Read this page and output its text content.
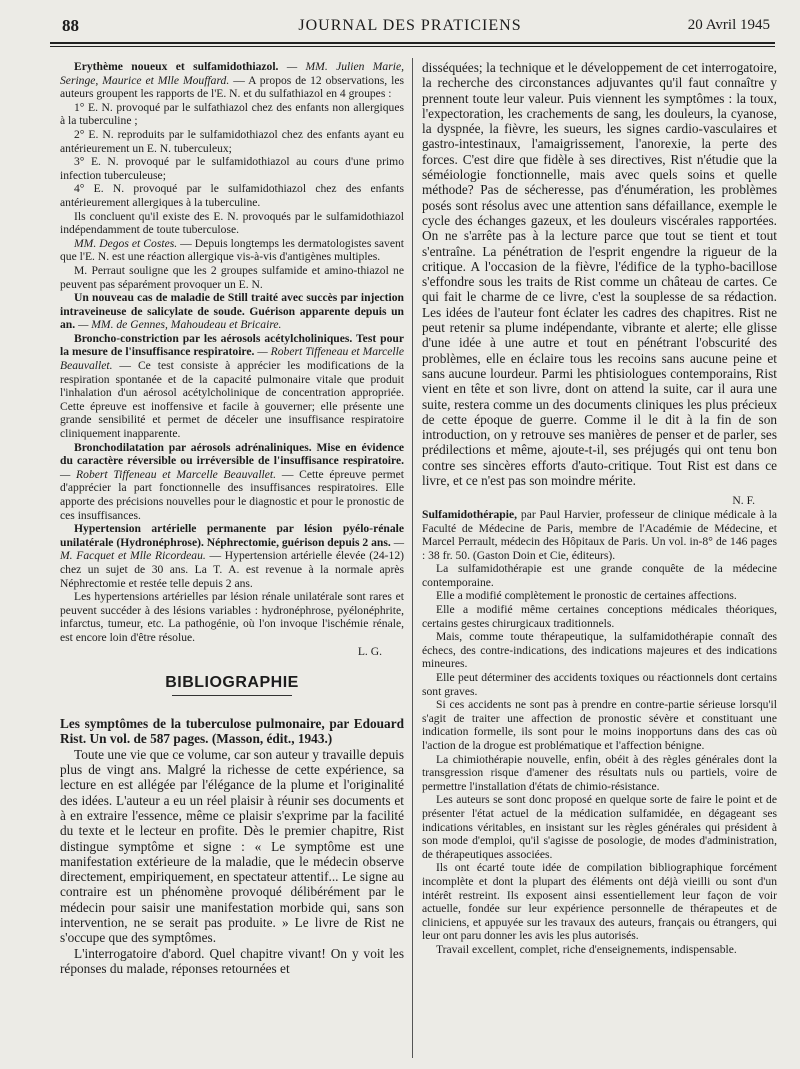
88	JOURNAL DES PRATICIENS	20 Avril 1945

Erythème noueux et sulfamidothiazol. — MM. Julien Marie, Seringe, Maurice et Mlle Mouffard. — A propos de 12 observations, les auteurs groupent les rapports de l'E. N. et du sulfathiazol en 4 groupes :

1° E. N. provoqué par le sulfathiazol chez des enfants non allergiques à la tuberculine ;

2° E. N. reproduits par le sulfamidothiazol chez des enfants ayant eu antérieurement un E. N. tuberculeux;

3° E. N. provoqué par le sulfamidothiazol au cours d'une primo infection tuberculeuse;

4° E. N. provoqué par le sulfamidothiazol chez des enfants antérieurement allergiques à la tuberculine.

Ils concluent qu'il existe des E. N. provoqués par le sulfamidothiazol indépendamment de toute tuberculose.

MM. Degos et Costes. — Depuis longtemps les dermatologistes savent que l'E. N. est une réaction allergique vis-à-vis d'antigènes multiples.

M. Perraut souligne que les 2 groupes sulfamide et amino-thiazol ne peuvent pas séparément provoquer un E. N.

Un nouveau cas de maladie de Still traité avec succès par injection intraveineuse de salicylate de soude. Guérison apparente depuis un an. — MM. de Gennes, Mahoudeau et Bricaire.

Broncho-constriction par les aérosols acétylcholiniques. Test pour la mesure de l'insuffisance respiratoire. — Robert Tiffeneau et Marcelle Beauvallet. — Ce test consiste à apprécier les modifications de la respiration spontanée et de la capacité pulmonaire vitale que produit l'inhalation d'un aérosol acétylcholinique de concentration appropriée. Cette épreuve est inoffensive et facile à gouverner; elle présente une grande sensibilité et permet de déceler une insuffisance respiratoire cliniquement inapparente.

Bronchodilatation par aérosols adrénaliniques. Mise en évidence du caractère réversible ou irréversible de l'insuffisance respiratoire. — Robert Tiffeneau et Marcelle Beauvallet. — Cette épreuve permet d'apprécier la part fonctionnelle des insuffisances respiratoires. Elle apporte des précisions nouvelles pour le diagnostic et pour le pronostic de ces insuffisances.

Hypertension artérielle permanente par lésion pyélo-rénale unilatérale (Hydronéphrose). Néphrectomie, guérison depuis 2 ans. — M. Facquet et Mlle Ricordeau. — Hypertension artérielle élevée (24-12) chez un sujet de 30 ans. La T. A. est revenue à la normale après Néphrectomie et restée telle depuis 2 ans.

Les hypertensions artérielles par lésion rénale unilatérale sont rares et peuvent succéder à des lésions variables : hydronéphrose, pyélonéphrite, infarctus, tumeur, etc. La pathogénie, où l'on invoque l'ischémie rénale, est encore loin d'être résolue.

L. G.

BIBLIOGRAPHIE

Les symptômes de la tuberculose pulmonaire, par Edouard Rist. Un vol. de 587 pages. (Masson, édit., 1943.)

Toute une vie que ce volume, car son auteur y travaille depuis plus de vingt ans. Malgré la richesse de cette expérience, sa lecture en est allégée par l'élégance de la plume et l'originalité des idées. L'auteur a eu un réel plaisir à réunir ses documents et à en extraire l'essence, même ce plaisir s'exprime par la facilité du texte et le lecteur en profite. Dès le premier chapitre, Rist distingue symptôme et signe : « Le symptôme est une manifestation extérieure de la maladie, que le médecin observe directement, empiriquement, en spectateur attentif... Le signe au contraire est un phénomène provoqué délibérément par le médecin pour saisir une manifestation morbide qui, sans son intervention, ne se serait pas produite. » Le livre de Rist ne s'occupe que des symptômes.

L'interrogatoire d'abord. Quel chapitre vivant! On y voit les réponses du malade, réponses retournées et

disséquées; la technique et le développement de cet interrogatoire, la recherche des circonstances adjuvantes qu'il faut connaître y prennent toute leur valeur. Puis viennent les symptômes : la toux, l'expectoration, les crachements de sang, les douleurs, la cyanose, la dyspnée, la fièvre, les sueurs, les signes cardio-vasculaires et gastro-intestinaux, l'amaigrissement, l'anorexie, la perte des forces. C'est dire que fidèle à ses directives, Rist n'étudie que la séméiologie fonctionnelle, mais avec quels soins et quelle méthode? Pas de sécheresse, pas d'énumération, les problèmes posés sont résolus avec une attention sans défaillance, exemple le cycle des échanges gazeux, et les douleurs viscérales rapportées. On ne s'arrête pas à la lecture parce que tout se tient et tout s'entraîne. La pénétration de l'esprit engendre la rigueur de la critique. A l'occasion de la fièvre, l'édifice de la typho-bacillose s'effondre sous les traits de Rist comme un château de cartes. Ce qui fait le charme de ce livre, c'est la souplesse de sa rédaction. Les idées de l'auteur font éclater les cadres des chapitres. Rist ne peut retenir sa plume indépendante, vibrante et alerte; elle glisse d'une idée à une autre et tout en pénétrant l'obscurité des problèmes, elle en éclaire tous les recoins sans aucune peine et sans aucune lourdeur. Parmi les phtisiologues contemporains, Rist vient en tête et son livre, dont on attend la suite, car il aura une suite, restera comme un des documents cliniques les plus précieux de cette époque de guerre. Comme il le dit à la fin de son introduction, on y retrouve ses manières de penser et de parler, ses prédilections et même, ajoute-t-il, ses préjugés qui ont tenu bon contre ses sincères efforts d'auto-critique. Tout Rist est dans ce livre, et ce n'est pas son moindre mérite.

N. F.

Sulfamidothérapie, par Paul Harvier, professeur de clinique médicale à la Faculté de Médecine de Paris, membre de l'Académie de Médecine, et Marcel Perrault, médecin des Hôpitaux de Paris. Un vol. in-8° de 146 pages : 38 fr. 50. (Gaston Doin et Cie, éditeurs).

La sulfamidothérapie est une grande conquête de la médecine contemporaine.

Elle a modifié complètement le pronostic de certaines affections.

Elle a modifié même certaines conceptions médicales théoriques, certains gestes chirurgicaux traditionnels.

Mais, comme toute thérapeutique, la sulfamidothérapie connaît des échecs, des contre-indications, des indications majeures et des indications mineures.

Elle peut déterminer des accidents toxiques ou réactionnels dont certains sont graves.

Si ces accidents ne sont pas à prendre en contre-partie sérieuse lorsqu'il s'agit de traiter une affection de pronostic sévère et constituant une indication formelle, ils sont pour le moins inopportuns dans des cas où l'action de la drogue est problématique et l'affection bénigne.

La chimiothérapie nouvelle, enfin, obéit à des règles générales dont la transgression risque d'amener des résultats nuls ou partiels, voire de permettre l'installation d'états de chimio-résistance.

Les auteurs se sont donc proposé en quelque sorte de faire le point et de présenter l'état actuel de la médication sulfamidée, en dégageant ses indications véritables, en insistant sur les règles générales qui président à son mode d'emploi, qu'il s'agisse de posologie, de modes d'administration, de thérapeutiques associées.

Ils ont écarté toute idée de compilation bibliographique forcément incomplète et dont la plupart des éléments ont déjà vieilli ou sont d'un intérêt restreint. Ils exposent ainsi essentiellement leur façon de voir actuelle, fondée sur leur expérience personnelle de thérapeutes et de cliniciens, et appuyée sur les travaux des auteurs, français ou étrangers, qui leur ont paru donner les avis les plus autorisés.

Travail excellent, complet, riche d'enseignements, indispensable.
